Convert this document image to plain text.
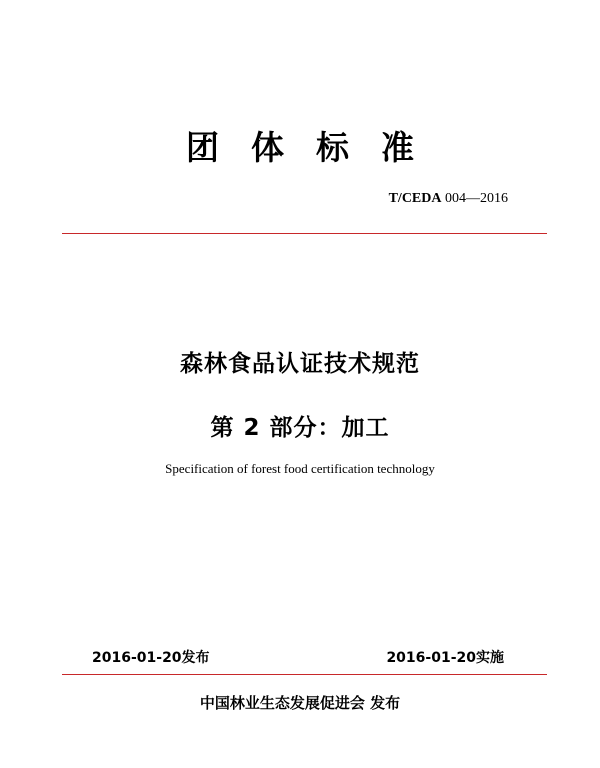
团体标准
T/CEDA 004—2016
森林食品认证技术规范
第 2 部分：加工
Specification of forest food certification technology
2016-01-20发布	2016-01-20实施
中国林业生态发展促进会 发布
